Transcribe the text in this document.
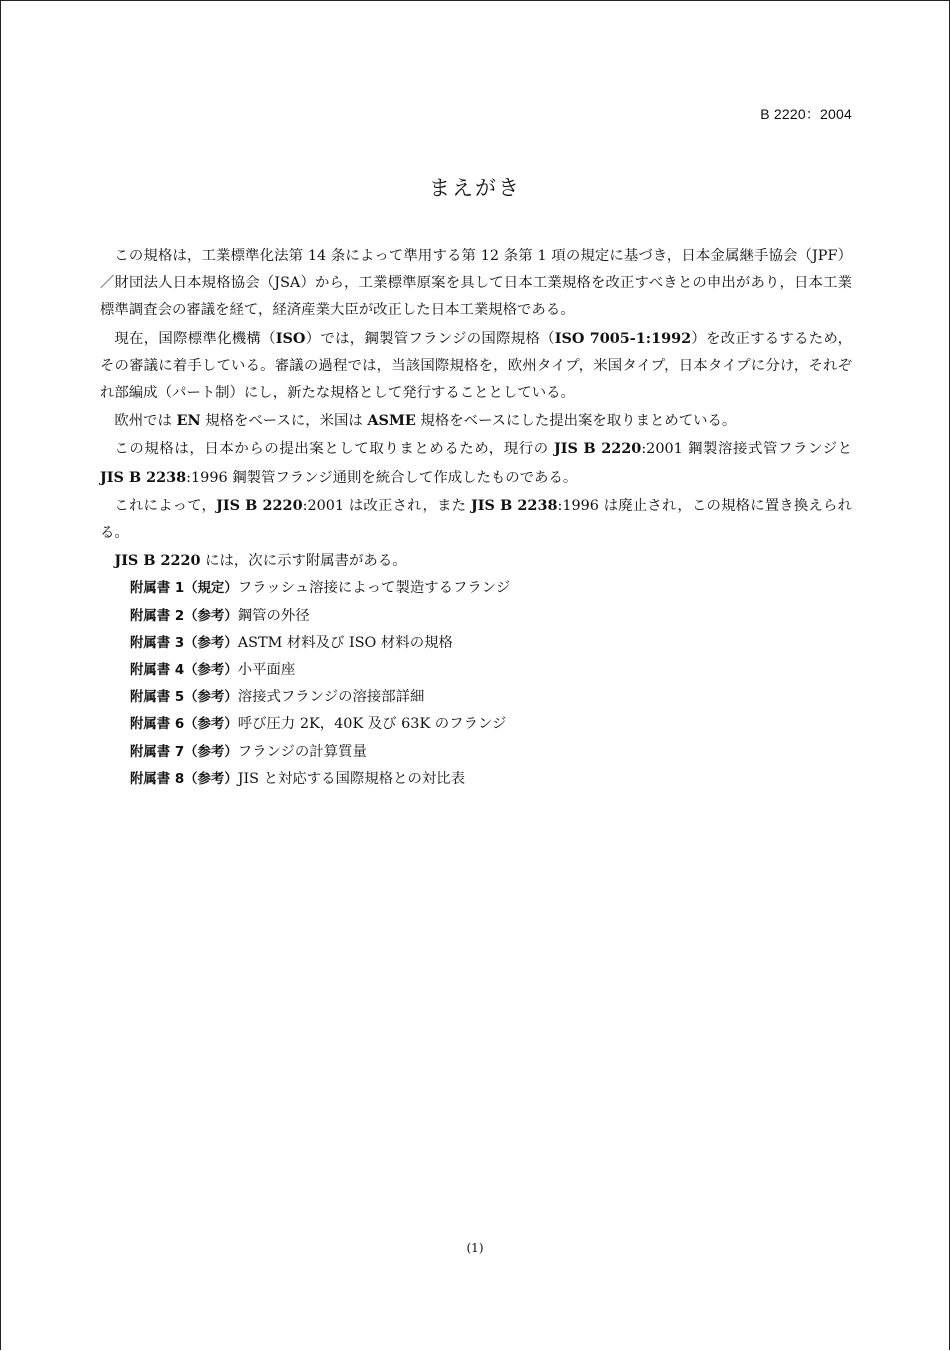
B 2220：2004
まえがき

この規格は，工業標準化法第 14 条によって準用する第 12 条第 1 項の規定に基づき，日本金属継手協会（JPF）／財団法人日本規格協会（JSA）から，工業標準原案を具して日本工業規格を改正すべきとの申出があり，日本工業標準調査会の審議を経て，経済産業大臣が改正した日本工業規格である。

現在，国際標準化機構（ISO）では，鋼製管フランジの国際規格（ISO 7005-1:1992）を改正するするため，その審議に着手している。審議の過程では，当該国際規格を，欧州タイプ，米国タイプ，日本タイプに分け，それぞれ部編成（パート制）にし，新たな規格として発行することとしている。

欧州では EN 規格をベースに，米国は ASME 規格をベースにした提出案を取りまとめている。

この規格は，日本からの提出案として取りまとめるため，現行の JIS B 2220:2001 鋼製溶接式管フランジと JIS B 2238:1996 鋼製管フランジ通則を統合して作成したものである。

これによって，JIS B 2220:2001 は改正され，また JIS B 2238:1996 は廃止され，この規格に置き換えられる。

JIS B 2220 には，次に示す附属書がある。

附属書 1（規定）フラッシュ溶接によって製造するフランジ
附属書 2（参考）鋼管の外径
附属書 3（参考）ASTM 材料及び ISO 材料の規格
附属書 4（参考）小平面座
附属書 5（参考）溶接式フランジの溶接部詳細
附属書 6（参考）呼び圧力 2K，40K 及び 63K のフランジ
附属書 7（参考）フランジの計算質量
附属書 8（参考）JIS と対応する国際規格との対比表
(1)
